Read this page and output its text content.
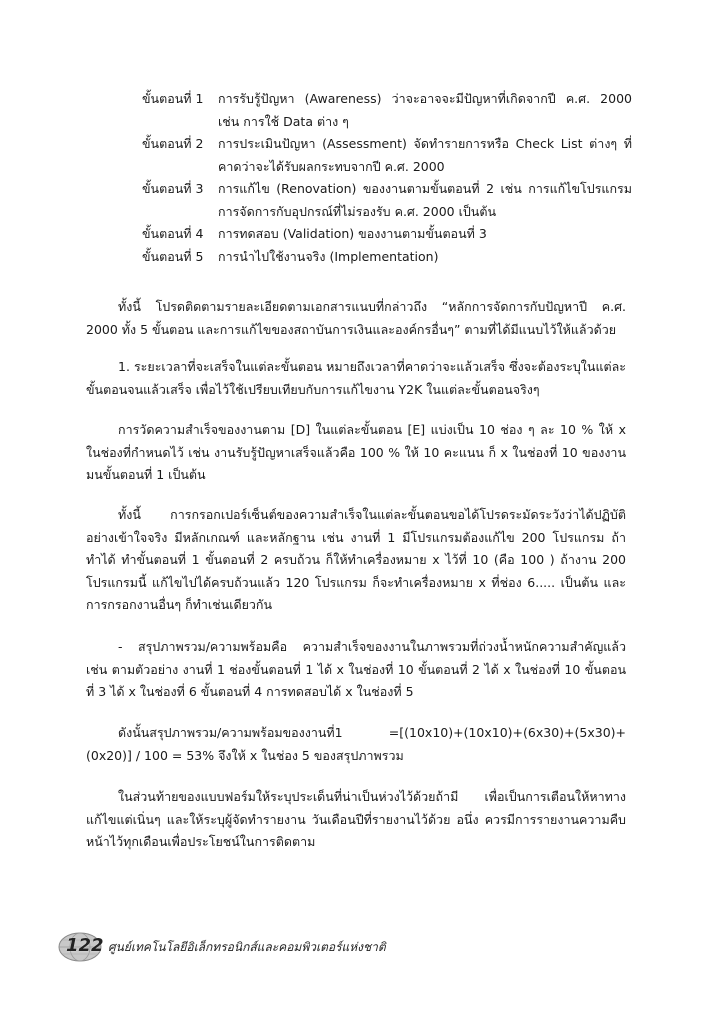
ขั้นตอนที่ 1	การรับรู้ปัญหา (Awareness) ว่าจะอาจจะมีปัญหาที่เกิดจากปี ค.ศ. 2000 เช่น การใช้ Data ต่าง ๆ
ขั้นตอนที่ 2	การประเมินปัญหา (Assessment) จัดทำรายการหรือ Check List ต่างๆ ที่คาดว่าจะได้รับผลกระทบจากปี ค.ศ. 2000
ขั้นตอนที่ 3	การแก้ไข (Renovation) ของงานตามขั้นตอนที่ 2 เช่น การแก้ไขโปรแกรม การจัดการกับอุปกรณ์ที่ไม่รองรับ ค.ศ. 2000 เป็นต้น
ขั้นตอนที่ 4	การทดสอบ (Validation) ของงานตามขั้นตอนที่ 3
ขั้นตอนที่ 5	การนำไปใช้งานจริง (Implementation)

ทั้งนี้ โปรดติดตามรายละเอียดตามเอกสารแนบที่กล่าวถึง “หลักการจัดการกับปัญหาปี ค.ศ. 2000 ทั้ง 5 ขั้นตอน และการแก้ไขของสถาบันการเงินและองค์กรอื่นๆ” ตามที่ได้มีแนบไว้ให้แล้วด้วย

1. ระยะเวลาที่จะเสร็จในแต่ละขั้นตอน หมายถึงเวลาที่คาดว่าจะแล้วเสร็จ ซึ่งจะต้องระบุในแต่ละขั้นตอนจนแล้วเสร็จ เพื่อไว้ใช้เปรียบเทียบกับการแก้ไขงาน Y2K ในแต่ละขั้นตอนจริงๆ

การวัดความสำเร็จของงานตาม [D] ในแต่ละขั้นตอน [E] แบ่งเป็น 10 ช่อง ๆ ละ 10 % ให้ x ในช่องที่กำหนดไว้ เช่น งานรับรู้ปัญหาเสร็จแล้วคือ 100 % ให้ 10 คะแนน ก็ x ในช่องที่ 10 ของงานมนขั้นตอนที่ 1 เป็นต้น

ทั้งนี้ การกรอกเปอร์เซ็นต์ของความสำเร็จในแต่ละขั้นตอนขอได้โปรดระมัดระวังว่าได้ปฏิบัติอย่างเข้าใจจริง มีหลักเกณฑ์ และหลักฐาน เช่น งานที่ 1 มีโปรแกรมต้องแก้ไข 200 โปรแกรม ถ้าทำได้ ทำขั้นตอนที่ 1 ขั้นตอนที่ 2 ครบถ้วน ก็ให้ทำเครื่องหมาย x ไว้ที่ 10 (คือ 100 ) ถ้างาน 200 โปรแกรมนี้ แก้ไขไปได้ครบถ้วนแล้ว 120 โปรแกรม ก็จะทำเครื่องหมาย x ที่ช่อง 6..... เป็นต้น และการกรอกงานอื่นๆ ก็ทำเช่นเดียวกัน

- สรุปภาพรวม/ความพร้อมคือ ความสำเร็จของงานในภาพรวมที่ถ่วงน้ำหนักความสำคัญแล้ว เช่น ตามตัวอย่าง งานที่ 1 ช่องขั้นตอนที่ 1 ได้ x ในช่องที่ 10 ขั้นตอนที่ 2 ได้ x ในช่องที่ 10 ขั้นตอนที่ 3 ได้ x ในช่องที่ 6 ขั้นตอนที่ 4 การทดสอบได้ x ในช่องที่ 5

ดังนั้นสรุปภาพรวม/ความพร้อมของงานที่1 =[(10x10)+(10x10)+(6x30)+(5x30)+(0x20)] / 100 = 53% จึงให้ x ในช่อง 5 ของสรุปภาพรวม

ในส่วนท้ายของแบบฟอร์มให้ระบุประเด็นที่น่าเป็นห่วงไว้ด้วยถ้ามี เพื่อเป็นการเตือนให้หาทางแก้ไขแต่เนิ่นๆ และให้ระบุผู้จัดทำรายงาน วันเดือนปีที่รายงานไว้ด้วย อนึ่ง ควรมีการรายงานความคืบหน้าไว้ทุกเดือนเพื่อประโยชน์ในการติดตาม

122 ศูนย์เทคโนโลยีอิเล็กทรอนิกส์และคอมพิวเตอร์แห่งชาติ
